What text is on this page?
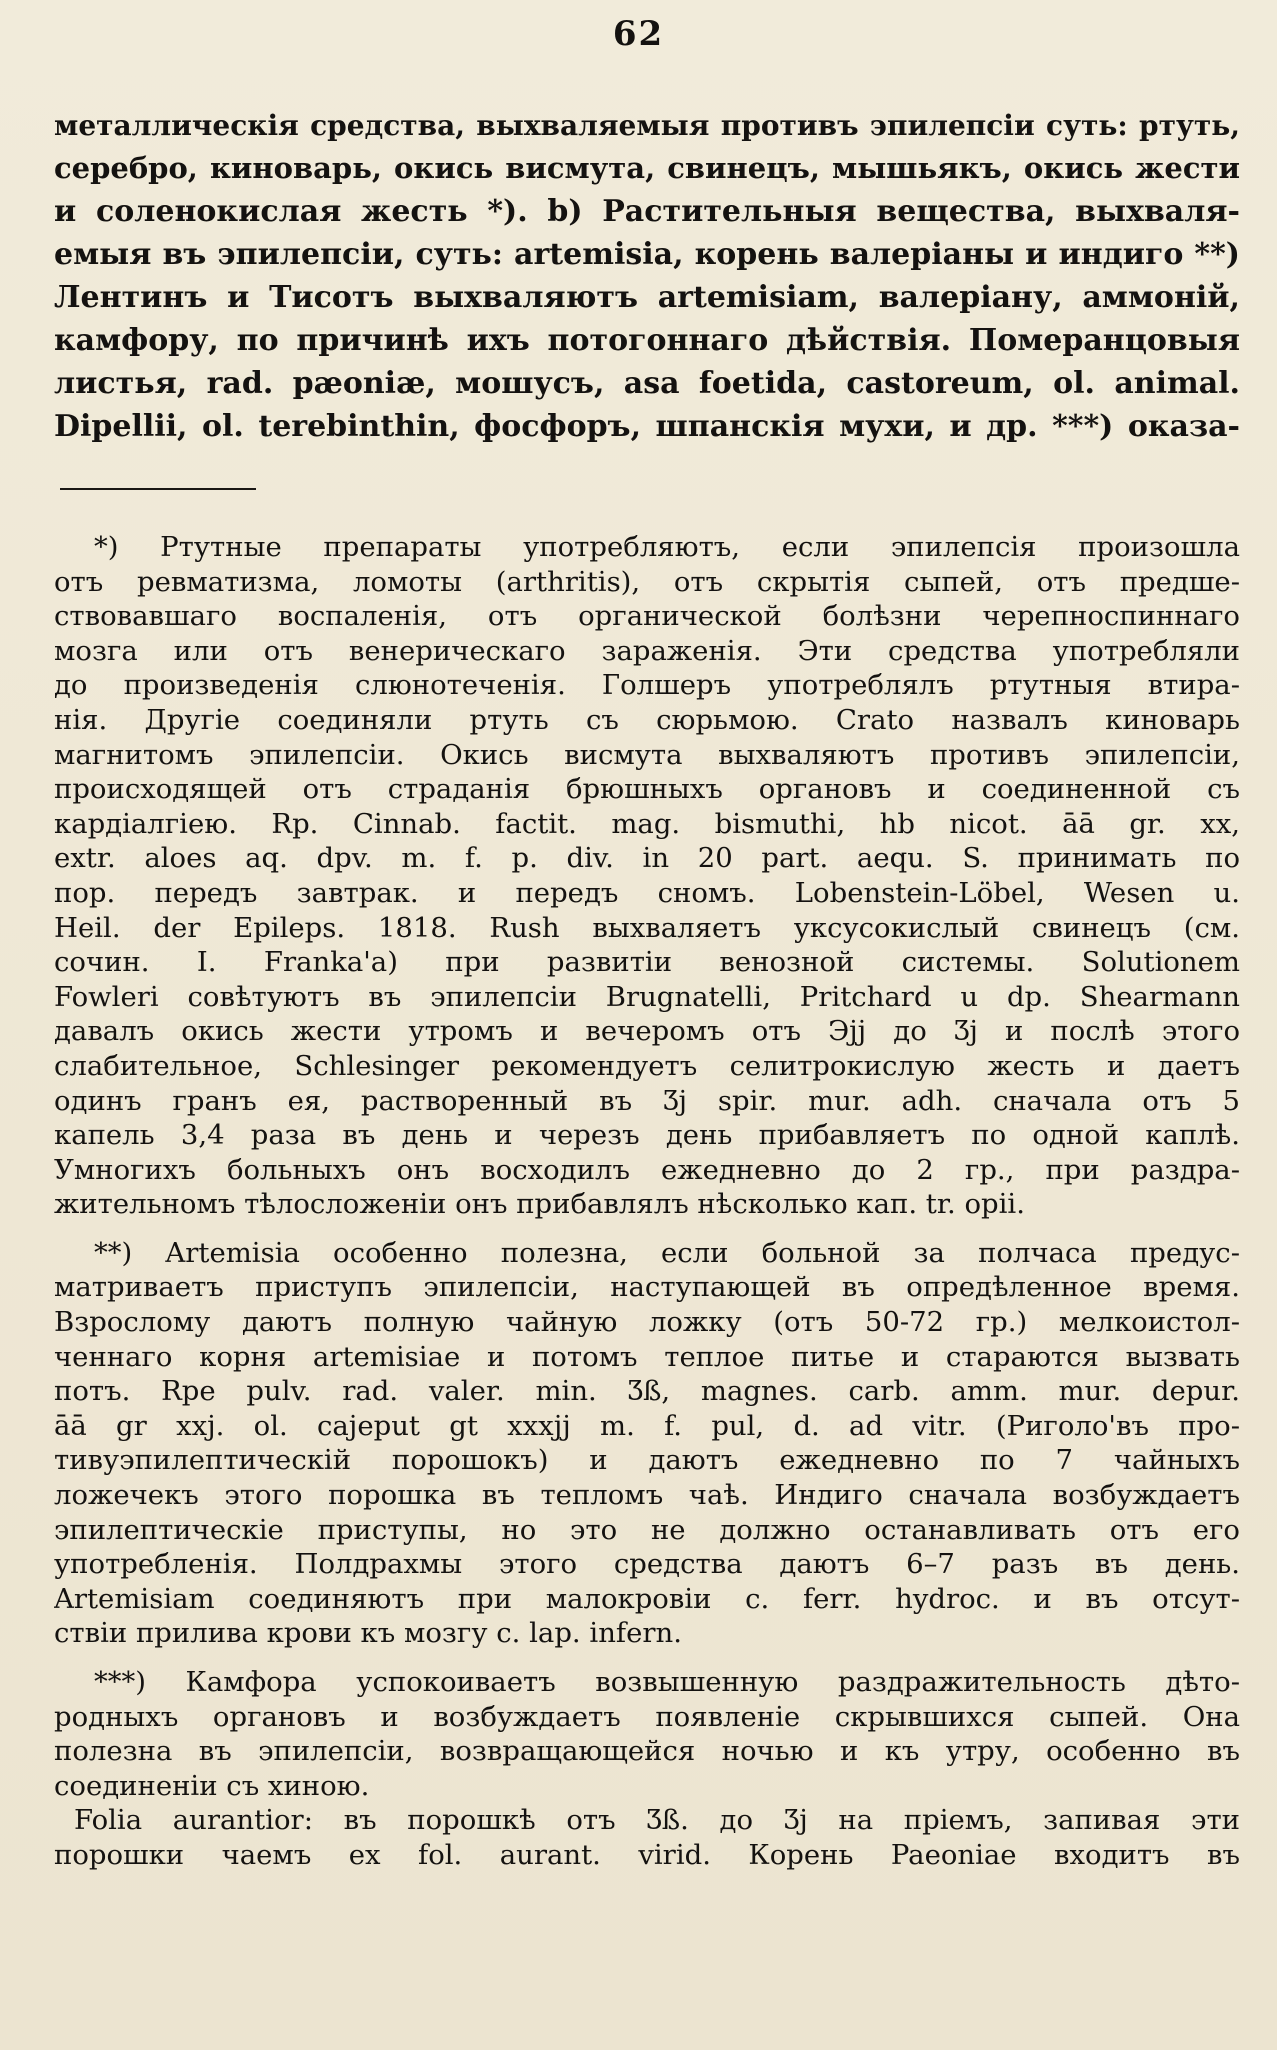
62
металлическія средства, выхваляемыя противъ эпилепсіи суть: ртуть,
серебро, киноварь, окись висмута, свинецъ, мышьякъ, окись жести
и соленокислая жесть *). b) Растительныя вещества, выхваля-
емыя въ эпилепсіи, суть: artemisia, корень валеріаны и индиго **)
Лентинъ и Тисотъ выхваляютъ artemisiam, валеріану, аммоній,
камфору, по причинѣ ихъ потогоннаго дѣйствія. Померанцовыя
листья, rad. pæoniæ, мошусъ, asa foetida, castoreum, ol. animal.
Dipellii, ol. terebinthin, фосфоръ, шпанскія мухи, и др. ***) оказа-
*) Ртутные препараты употребляютъ, если эпилепсія произошла
отъ ревматизма, ломоты (arthritis), отъ скрытія сыпей, отъ предше-
ствовавшаго воспаленія, отъ органической болѣзни черепноспиннаго
мозга или отъ венерическаго зараженія. Эти средства употребляли
до произведенія слюнотеченія. Голшеръ употреблялъ ртутныя втира-
нія. Другіе соединяли ртуть съ сюрьмою. Crato назвалъ киноварь
магнитомъ эпилепсіи. Окись висмута выхваляютъ противъ эпилепсіи,
происходящей отъ страданія брюшныхъ органовъ и соединенной съ
кардіалгіею. Rp. Cinnab. factit. mag. bismuthi, hb nicot. āā gr. xx,
extr. aloes aq. dpv. m. f. p. div. in 20 part. aequ. S. принимать по
пор. передъ завтрак. и передъ сномъ. Lobenstein-Löbel, Wesen u.
Heil. der Epileps. 1818. Rush выхваляетъ уксусокислый свинецъ (см.
сочин. I. Franka'a) при развитіи венозной системы. Solutionem
Fowleri совѣтуютъ въ эпилепсіи Brugnatelli, Pritchard u dp. Shearmann
давалъ окись жести утромъ и вечеромъ отъ Эjj до Ʒj и послѣ этого
слабительное, Schlesinger рекомендуетъ селитрокислую жесть и даетъ
одинъ гранъ ея, растворенный въ Ʒj spir. mur. adh. сначала отъ 5
капель 3,4 раза въ день и черезъ день прибавляетъ по одной каплѣ.
Умногихъ больныхъ онъ восходилъ ежедневно до 2 гр., при раздра-
жительномъ тѣлосложеніи онъ прибавлялъ нѣсколько кап. tr. opii.
**) Artemisia особенно полезна, если больной за полчаса предус-
матриваетъ приступъ эпилепсіи, наступающей въ опредѣленное время.
Взрослому даютъ полную чайную ложку (отъ 50-72 гр.) мелкоистол-
ченнаго корня artemisiae и потомъ теплое питье и стараются вызвать
потъ. Rpe pulv. rad. valer. min. Ʒß, magnes. carb. amm. mur. depur.
āā gr xxj. ol. cajeput gt xxxjj m. f. pul, d. ad vitr. (Риголо'въ про-
тивуэпилептическій порошокъ) и даютъ ежедневно по 7 чайныхъ
ложечекъ этого порошка въ тепломъ чаѣ. Индиго сначала возбуждаетъ
эпилептическіе приступы, но это не должно останавливать отъ его
употребленія. Полдрахмы этого средства даютъ 6–7 разъ въ день.
Artemisiam соединяютъ при малокровіи c. ferr. hydroc. и въ отсут-
ствіи прилива крови къ мозгу c. lap. infern.
***) Камфора успокоиваетъ возвышенную раздражительность дѣто-
родныхъ органовъ и возбуждаетъ появленіе скрывшихся сыпей. Она
полезна въ эпилепсіи, возвращающейся ночью и къ утру, особенно въ
соединеніи съ хиною.
Folia aurantior: въ порошкѣ отъ Ʒß. до Ʒj на пріемъ, запивая эти
порошки чаемъ ex fol. aurant. virid. Корень Paeoniae входитъ въ
